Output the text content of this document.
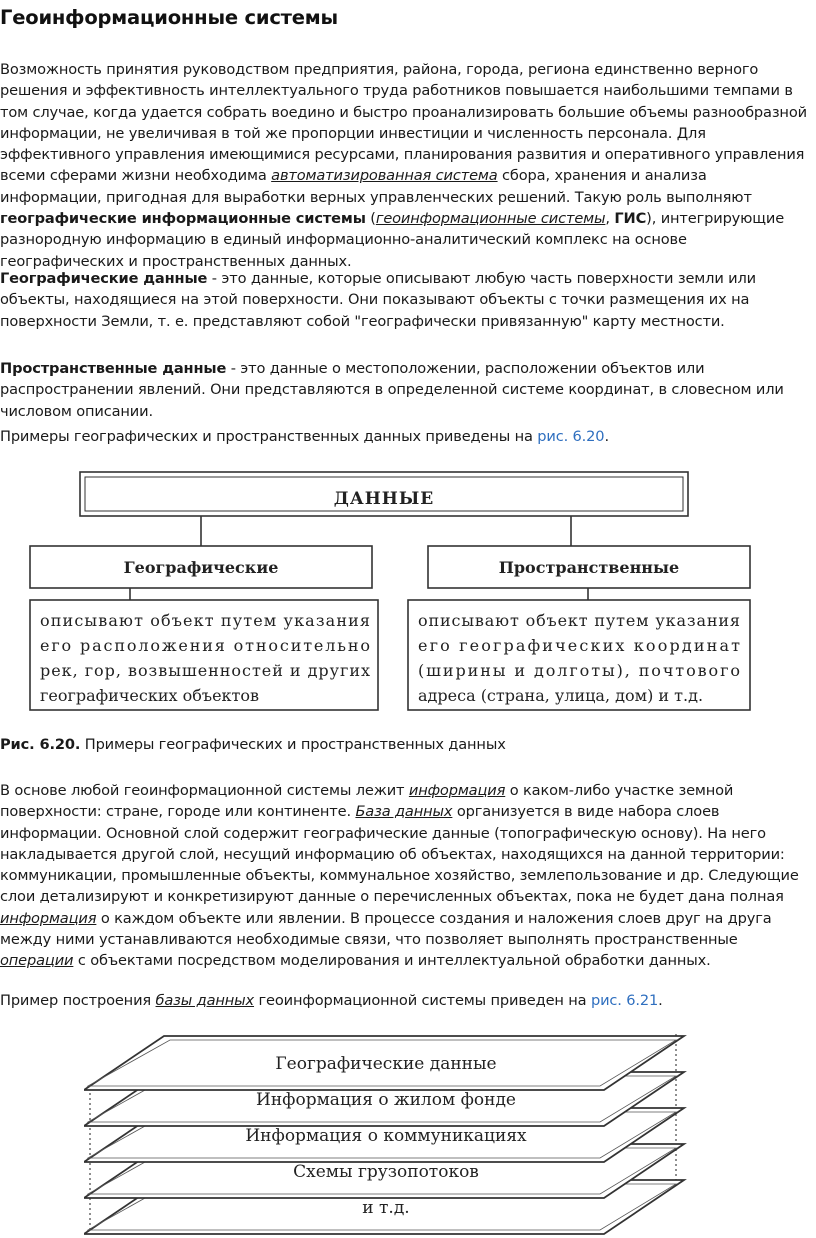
Геоинформационные системы

Возможность принятия руководством предприятия, района, города, региона единственно верного решения и эффективность интеллектуального труда работников повышается наибольшими темпами в том случае, когда удается собрать воедино и быстро проанализировать большие объемы разнообразной информации, не увеличивая в той же пропорции инвестиции и численность персонала. Для эффективного управления имеющимися ресурсами, планирования развития и оперативного управления всеми сферами жизни необходима автоматизированная система сбора, хранения и анализа информации, пригодная для выработки верных управленческих решений. Такую роль выполняют географические информационные системы (геоинформационные системы, ГИС), интегрирующие разнородную информацию в единый информационно-аналитический комплекс на основе географических и пространственных данных.

Географические данные - это данные, которые описывают любую часть поверхности земли или объекты, находящиеся на этой поверхности. Они показывают объекты с точки размещения их на поверхности Земли, т. е. представляют собой "географически привязанную" карту местности.

Пространственные данные - это данные о местоположении, расположении объектов или распространении явлений. Они представляются в определенной системе координат, в словесном или числовом описании.

Примеры географических и пространственных данных приведены на рис. 6.20.

ДАННЫЕ
Географические	Пространственные
описывают объект путем указания
его расположения относительно
рек, гор, возвышенностей и других
географических объектов
описывают объект путем указания
его географических координат
(ширины и долготы), почтового
адреса (страна, улица, дом) и т.д.

Рис. 6.20. Примеры географических и пространственных данных

В основе любой геоинформационной системы лежит информация о каком-либо участке земной поверхности: стране, городе или континенте. База данных организуется в виде набора слоев информации. Основной слой содержит географические данные (топографическую основу). На него накладывается другой слой, несущий информацию об объектах, находящихся на данной территории: коммуникации, промышленные объекты, коммунальное хозяйство, землепользование и др. Следующие слои детализируют и конкретизируют данные о перечисленных объектах, пока не будет дана полная информация о каждом объекте или явлении. В процессе создания и наложения слоев друг на друга между ними устанавливаются необходимые связи, что позволяет выполнять пространственные операции с объектами посредством моделирования и интеллектуальной обработки данных.

Пример построения базы данных геоинформационной системы приведен на рис. 6.21.

и т.д.
Схемы грузопотоков
Информация о коммуникациях
Информация о жилом фонде
Географические данные
